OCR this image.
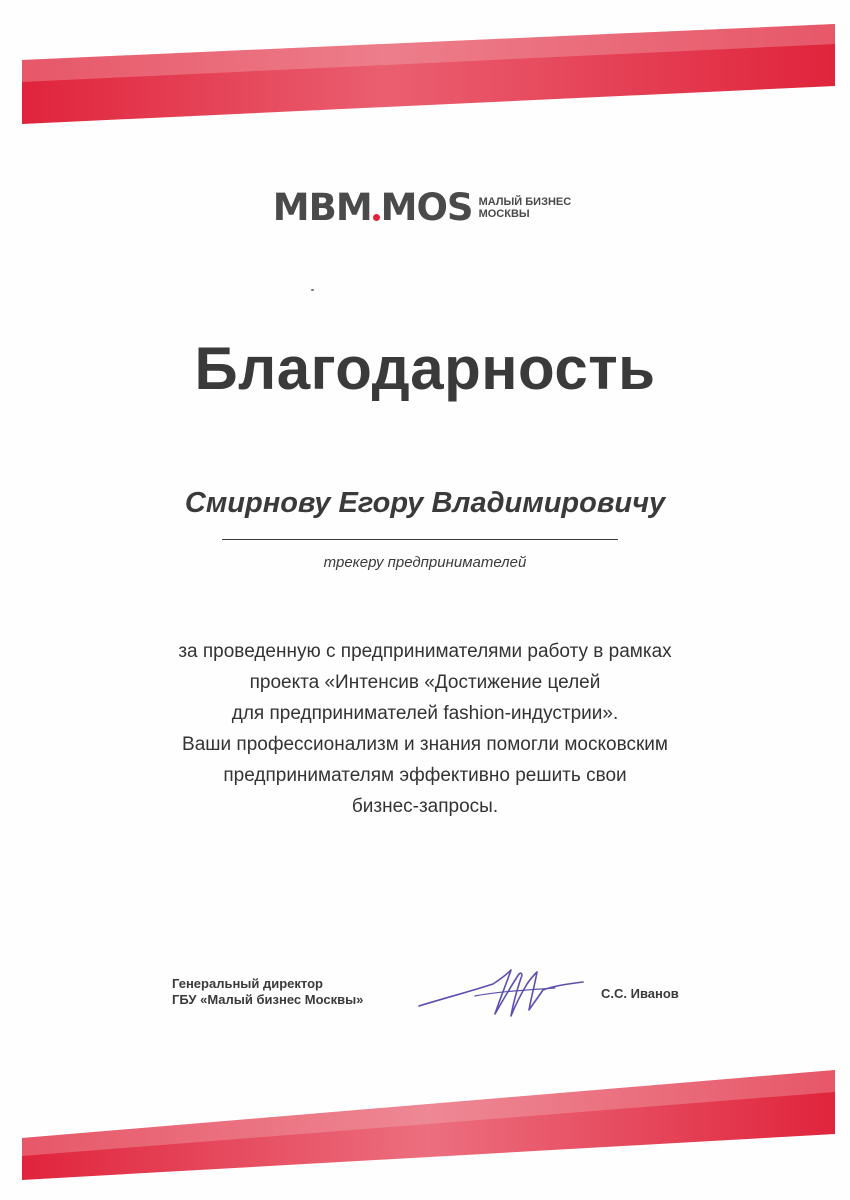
MBM MOS МАЛЫЙ БИЗНЕС
МОСКВЫ
Благодарность
Смирнову Егору Владимировичу
трекеру предпринимателей
за проведенную с предпринимателями работу в рамках
проекта «Интенсив «Достижение целей
для предпринимателей fashion-индустрии».
Ваши профессионализм и знания помогли московским
предпринимателям эффективно решить свои
бизнес-запросы.
Генеральный директор
ГБУ «Малый бизнес Москвы»	С.С. Иванов
